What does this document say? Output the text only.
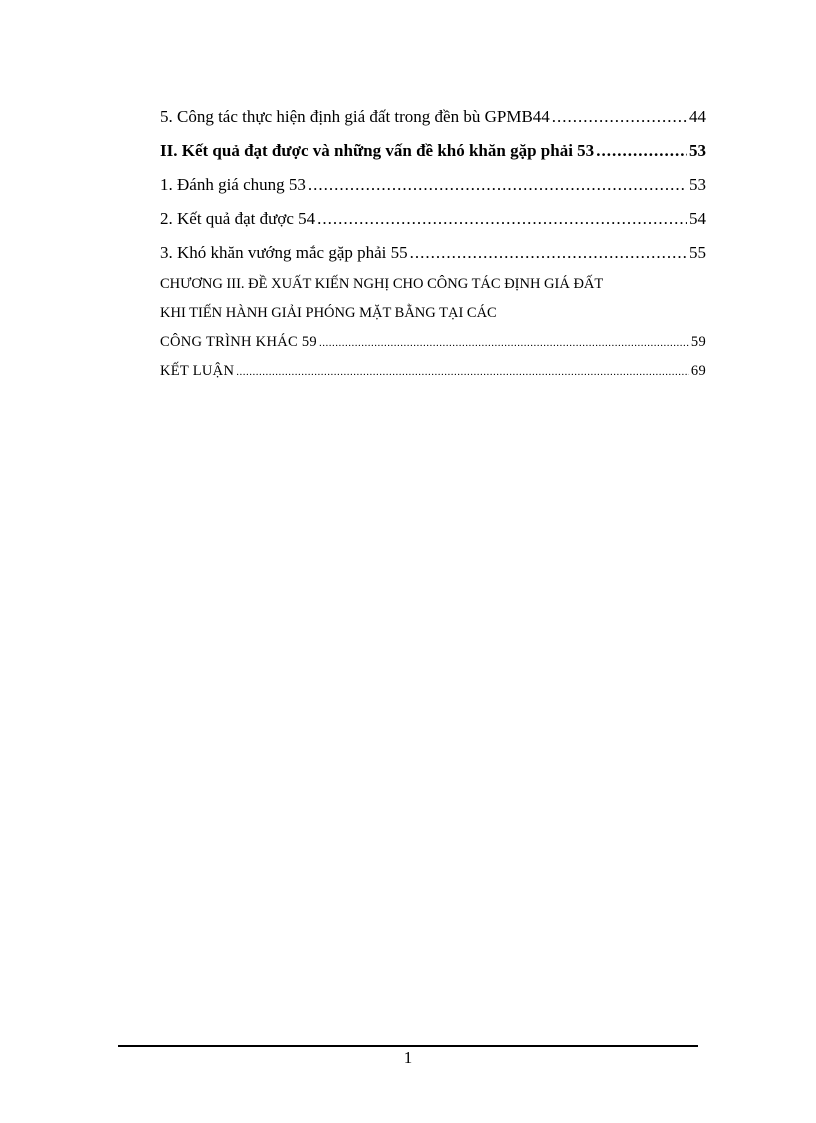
5. Công tác thực hiện định giá đất trong đền bù GPMB44 .....	44
II. Kết quả đạt được và những vấn đề khó khăn gặp phải 53 .....	53
1. Đánh giá chung 53 .....	53
2. Kết quả đạt được 54 .....	54
3. Khó khăn vướng mắc gặp phải 55 .....	55
CHƯƠNG III. ĐỀ XUẤT KIẾN NGHỊ CHO CÔNG TÁC ĐỊNH GIÁ ĐẤT
KHI TIẾN HÀNH GIẢI PHÓNG MẶT BẰNG TẠI CÁC
CÔNG TRÌNH KHÁC 59 .....	59
KẾT LUẬN .....	69
1
